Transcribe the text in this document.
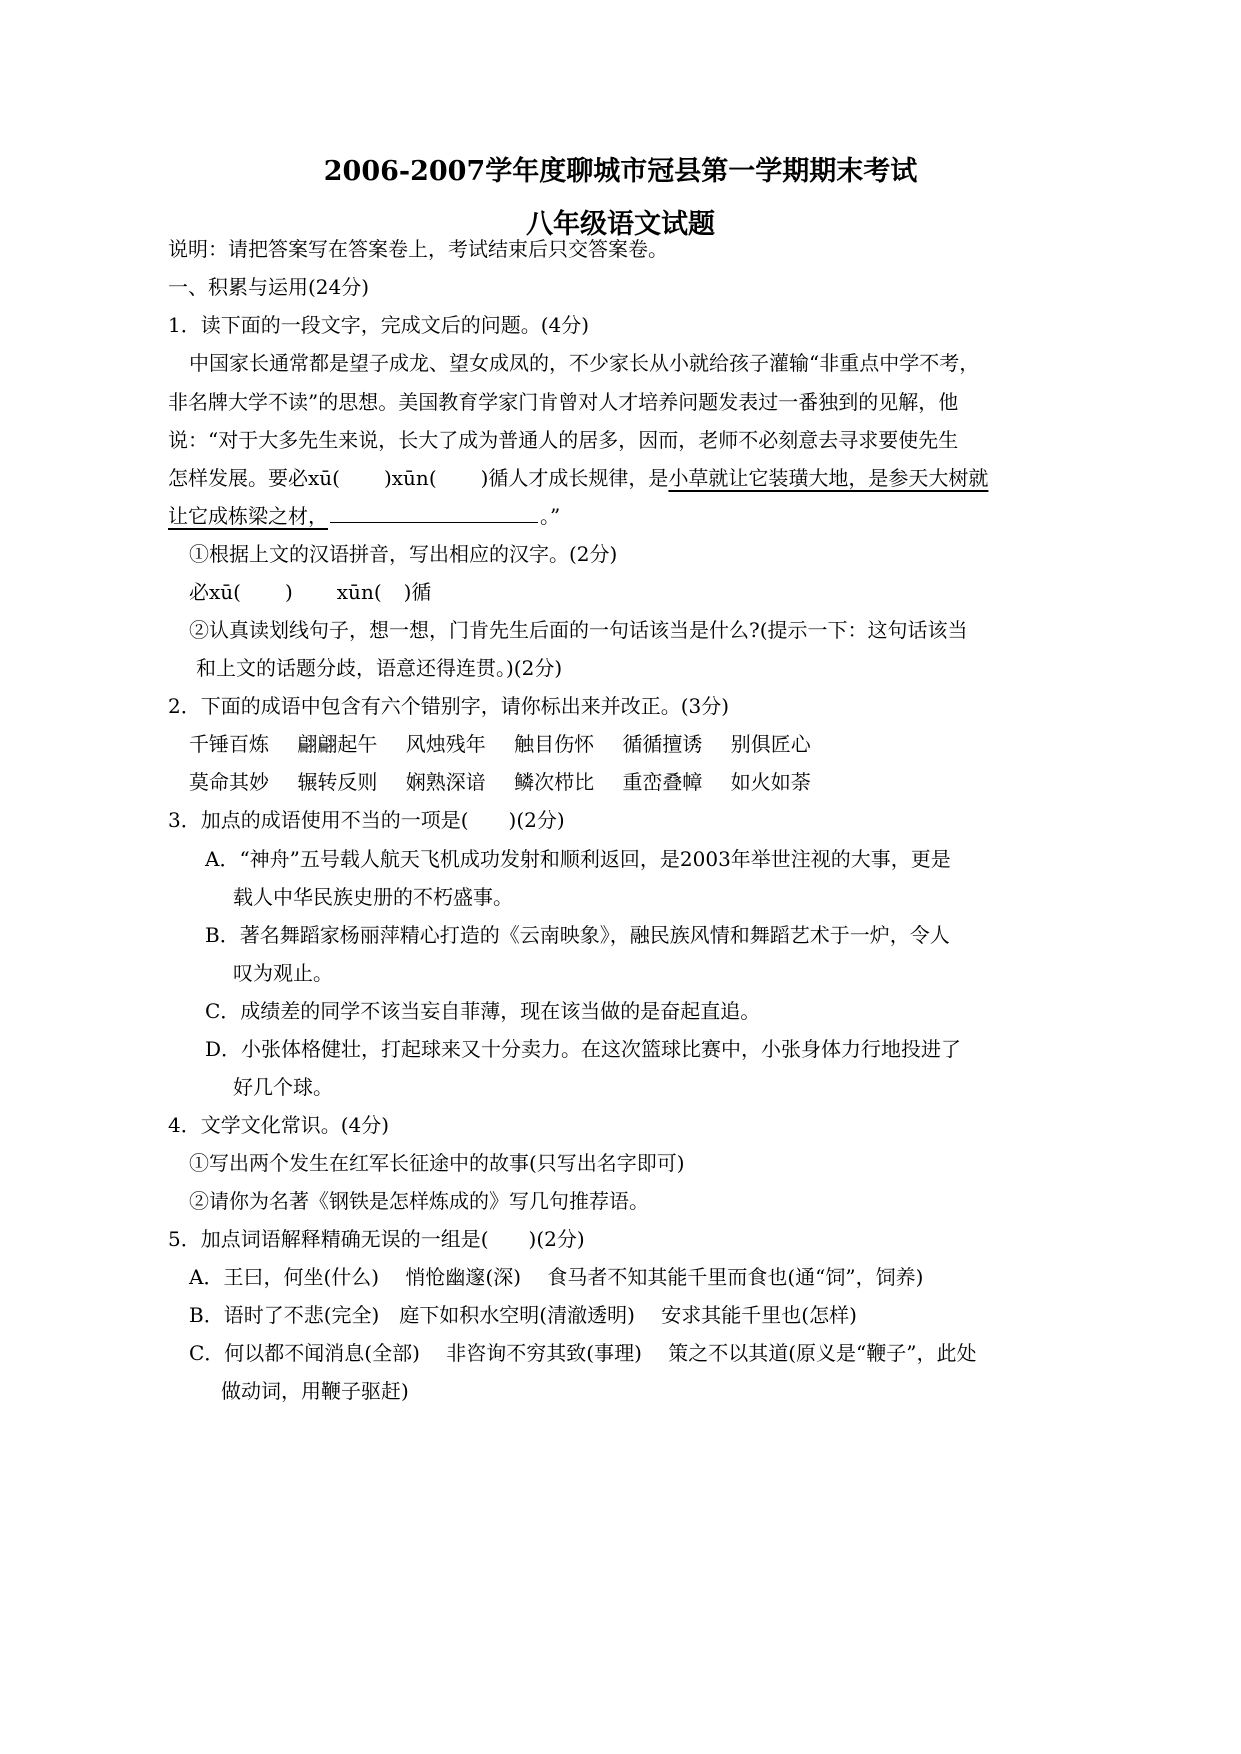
2006-2007学年度聊城市冠县第一学期期末考试
八年级语文试题
说明：请把答案写在答案卷上，考试结束后只交答案卷。
一、积累与运用(24分)
1．读下面的一段文字，完成文后的问题。(4分)
中国家长通常都是望子成龙、望女成凤的，不少家长从小就给孩子灌输“非重点中学不考，
非名牌大学不读”的思想。美国教育学家门肯曾对人才培养问题发表过一番独到的见解，他
说：“对于大多先生来说，长大了成为普通人的居多，因而，老师不必刻意去寻求要使先生
怎样发展。要必xū( )xūn( )循人才成长规律，是小草就让它装璜大地，是参天大树就
让它成栋梁之材，	。”
①根据上文的汉语拼音，写出相应的汉字。(2分)
必xū( ) xūn( )循
②认真读划线句子，想一想，门肯先生后面的一句话该当是什么?(提示一下：这句话该当
和上文的话题分歧，语意还得连贯。)(2分)
2．下面的成语中包含有六个错别字，请你标出来并改正。(3分)
千锤百炼 翩翩起午 风烛残年 触目伤怀 循循擅诱 别俱匠心
莫命其妙 辗转反则 娴熟深谙 鳞次栉比 重峦叠幛 如火如荼
3．加点的成语使用不当的一项是(　　)(2分)
A．“神舟”五号载人航天飞机成功发射和顺利返回，是2003年举世注视的大事，更是
载人中华民族史册的不朽盛事。
B．著名舞蹈家杨丽萍精心打造的《云南映象》，融民族风情和舞蹈艺术于一炉，令人
叹为观止。
C．成绩差的同学不该当妄自菲薄，现在该当做的是奋起直追。
D．小张体格健壮，打起球来又十分卖力。在这次篮球比赛中，小张身体力行地投进了
好几个球。
4．文学文化常识。(4分)
①写出两个发生在红军长征途中的故事(只写出名字即可)
②请你为名著《钢铁是怎样炼成的》写几句推荐语。
5．加点词语解释精确无误的一组是(　　)(2分)
A．王曰，何坐(什么)　 悄怆幽邃(深)　 食马者不知其能千里而食也(通“饲”，饲养)
B．语时了不悲(完全)　庭下如积水空明(清澈透明)　 安求其能千里也(怎样)
C．何以都不闻消息(全部)　 非咨询不穷其致(事理)　 策之不以其道(原义是“鞭子”，此处
做动词，用鞭子驱赶)
